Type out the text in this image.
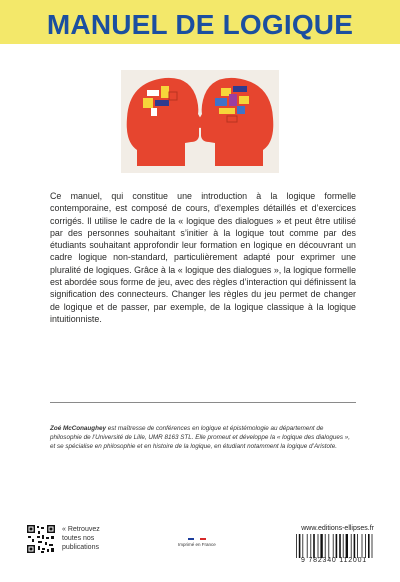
MANUEL DE LOGIQUE

Ce manuel, qui constitue une introduction à la logique formelle contemporaine, est composé de cours, d’exemples détaillés et d’exercices corrigés. Il utilise le cadre de la « logique des dialogues » et peut être utilisé par des personnes souhaitant s’initier à la logique tout comme par des étudiants souhaitant approfondir leur formation en logique en découvrant un cadre logique non-standard, particulièrement adapté pour exprimer une pluralité de logiques. Grâce à la « logique des dialogues », la logique formelle est abordée sous forme de jeu, avec des règles d’interaction qui définissent la signification des connecteurs. Changer les règles du jeu permet de changer de logique et de passer, par exemple, de la logique classique à la logique intuitionniste.

Zoé McConaughey est maîtresse de conférences en logique et épistémologie au département de philosophie de l’Université de Lille, UMR 8163 STL. Elle promeut et développe la « logique des dialogues », et se spécialise en philosophie et en histoire de la logique, en étudiant notamment la logique d’Aristote.

« Retrouvez
toutes nos
publications	Imprimé en France
www.editions-ellipses.fr
9 782340 112001
